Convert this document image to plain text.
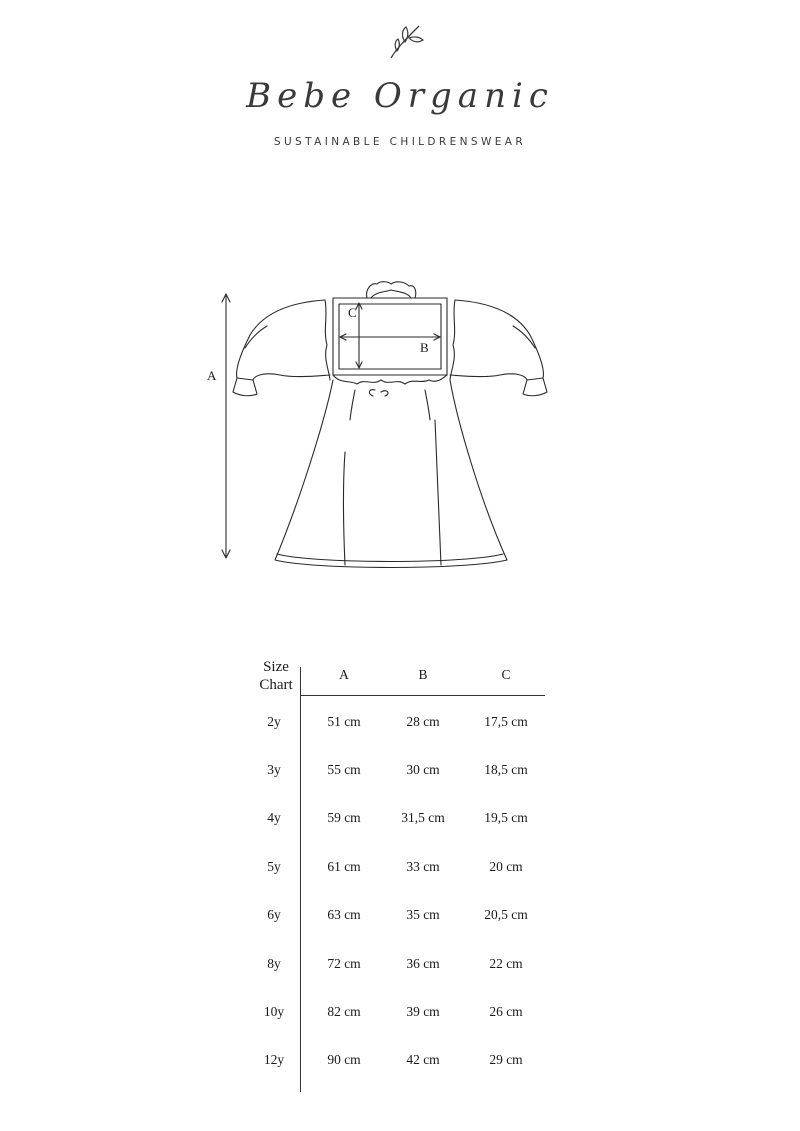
Bebe Organic
SUSTAINABLE CHILDRENSWEAR
A
C
B
Size Chart
A	B	C
2y	51 cm	28 cm	17,5 cm
3y	55 cm	30 cm	18,5 cm
4y	59 cm	31,5 cm	19,5 cm
5y	61 cm	33 cm	20 cm
6y	63 cm	35 cm	20,5 cm
8y	72 cm	36 cm	22 cm
10y	82 cm	39 cm	26 cm
12y	90 cm	42 cm	29 cm
